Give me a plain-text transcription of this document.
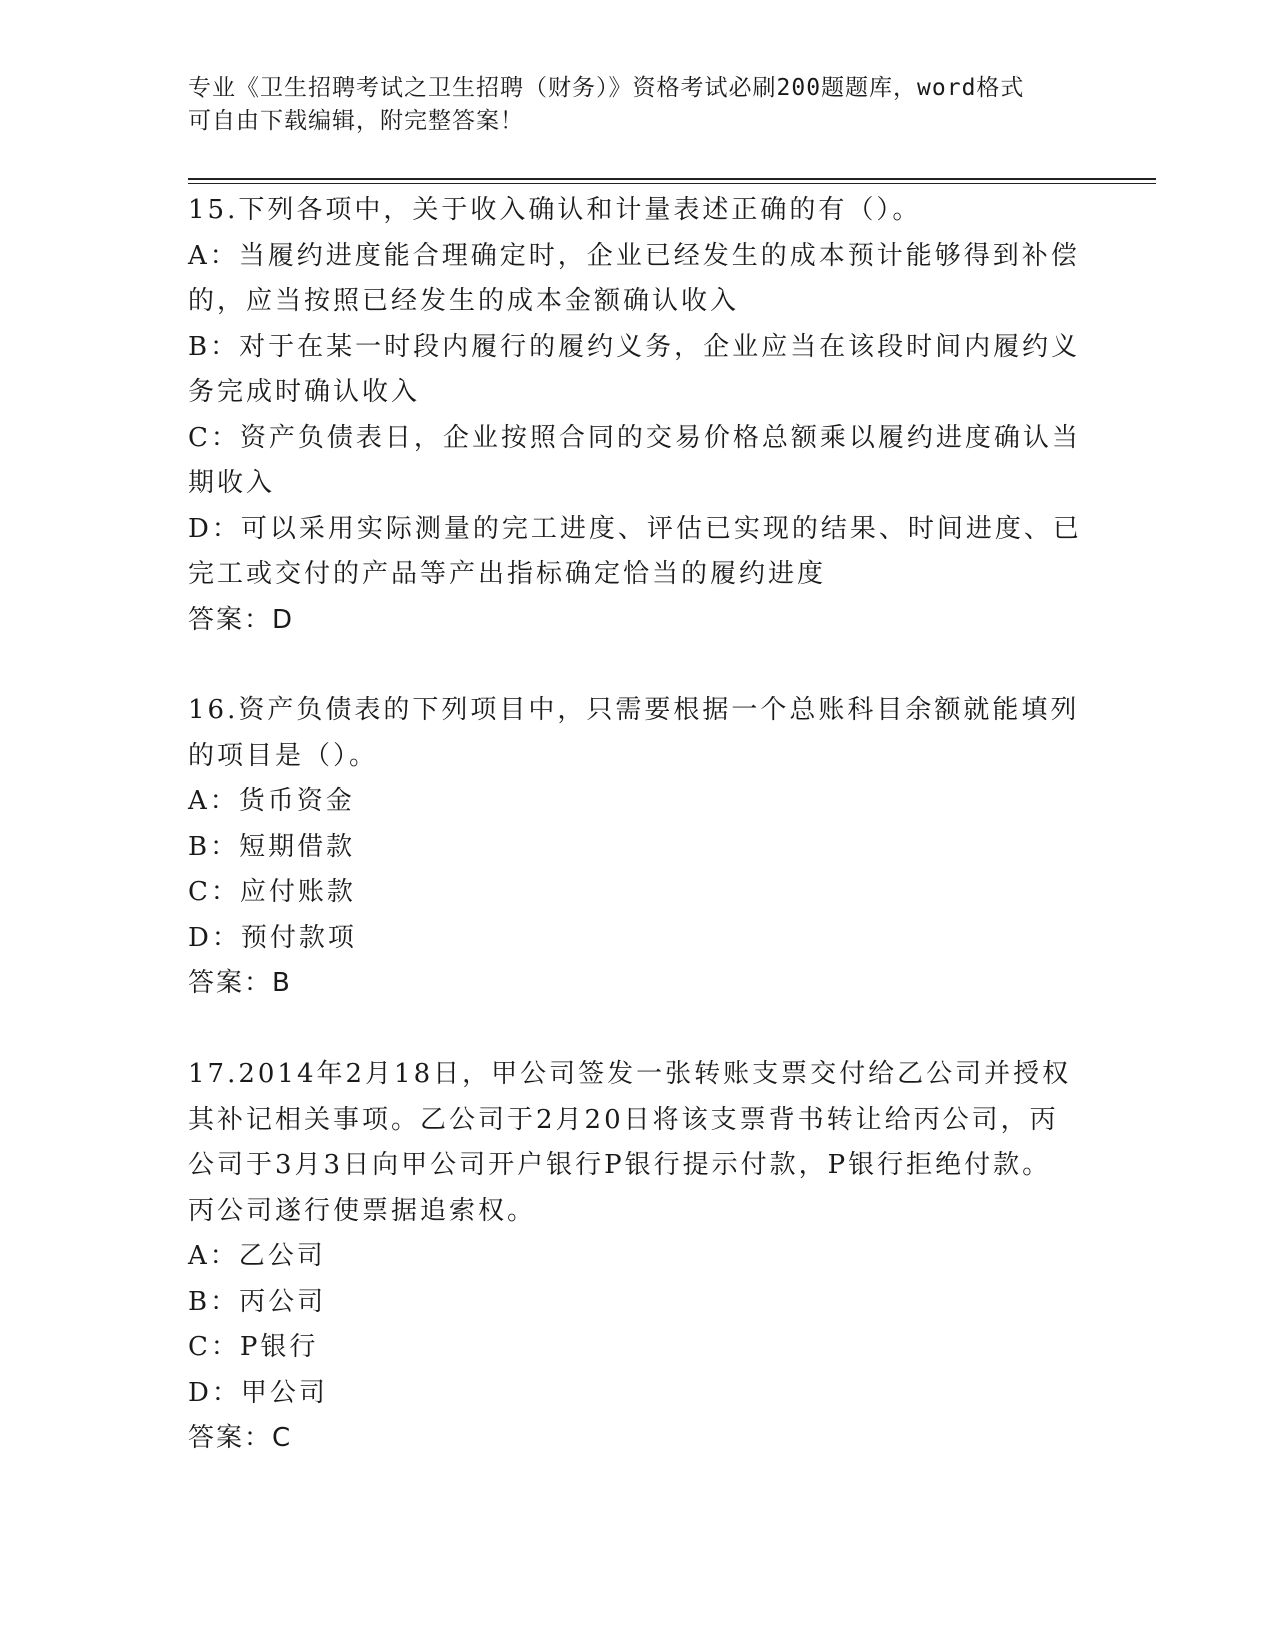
专业《卫生招聘考试之卫生招聘（财务）》资格考试必刷200题题库，word格式

可自由下载编辑，附完整答案！

15.下列各项中，关于收入确认和计量表述正确的有（）。

A：当履约进度能合理确定时，企业已经发生的成本预计能够得到补偿

的，应当按照已经发生的成本金额确认收入

B：对于在某一时段内履行的履约义务，企业应当在该段时间内履约义

务完成时确认收入

C：资产负债表日，企业按照合同的交易价格总额乘以履约进度确认当

期收入

D：可以采用实际测量的完工进度、评估已实现的结果、时间进度、已

完工或交付的产品等产出指标确定恰当的履约进度

答案：D

16.资产负债表的下列项目中，只需要根据一个总账科目余额就能填列

的项目是（）。

A：货币资金

B：短期借款

C：应付账款

D：预付款项

答案：B

17.2014年2月18日，甲公司签发一张转账支票交付给乙公司并授权

其补记相关事项。乙公司于2月20日将该支票背书转让给丙公司，丙

公司于3月3日向甲公司开户银行P银行提示付款，P银行拒绝付款。

丙公司遂行使票据追索权。

A：乙公司

B：丙公司

C：P银行

D：甲公司

答案：C
